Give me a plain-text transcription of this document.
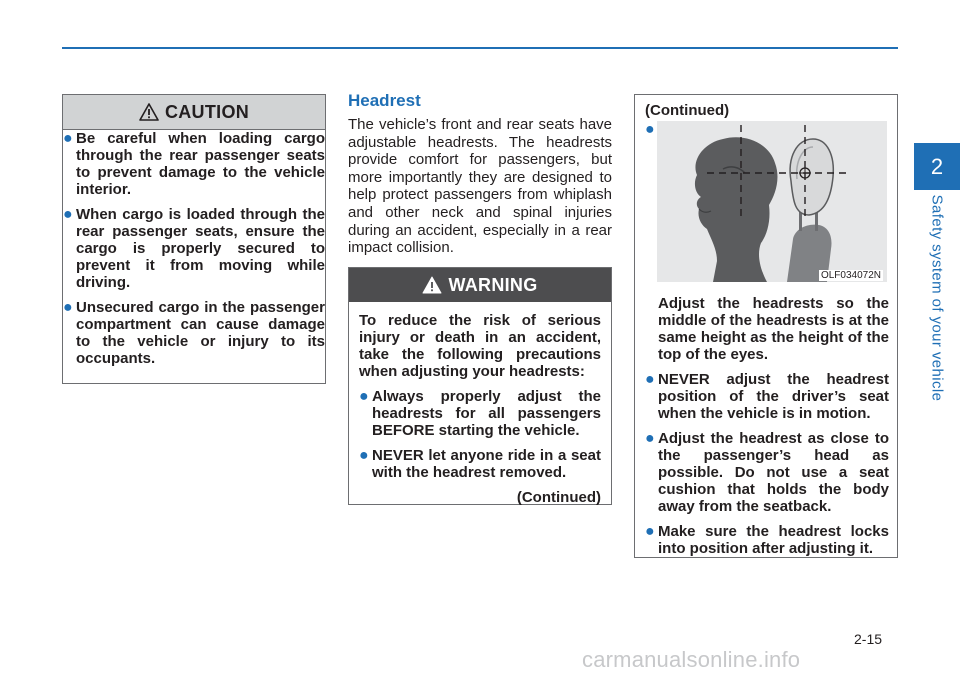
CAUTION
● Be careful when loading cargo through the rear passenger seats to prevent damage to the vehicle interior.
● When cargo is loaded through the rear passenger seats, ensure the cargo is properly secured to prevent it from moving while driving.
● Unsecured cargo in the passenger compartment can cause damage to the vehicle or injury to its occupants.
Headrest
The vehicle’s front and rear seats have adjustable headrests. The headrests provide comfort for passengers, but more importantly they are designed to help protect passengers from whiplash and other neck and spinal injuries during an accident, especially in a rear impact collision.
WARNING
To reduce the risk of serious injury or death in an accident, take the following precautions when adjusting your headrests:
● Always properly adjust the headrests for all passengers BEFORE starting the vehicle.
● NEVER let anyone ride in a seat with the headrest removed.
(Continued)
(Continued)
●
OLF034072N
Adjust the headrests so the middle of the headrests is at the same height as the height of the top of the eyes.
● NEVER adjust the headrest position of the driver’s seat when the vehicle is in motion.
● Adjust the headrest as close to the passenger’s head as possible. Do not use a seat cushion that holds the body away from the seatback.
● Make sure the headrest locks into position after adjusting it.
2
Safety system of your vehicle
2-15
carmanualsonline.info
